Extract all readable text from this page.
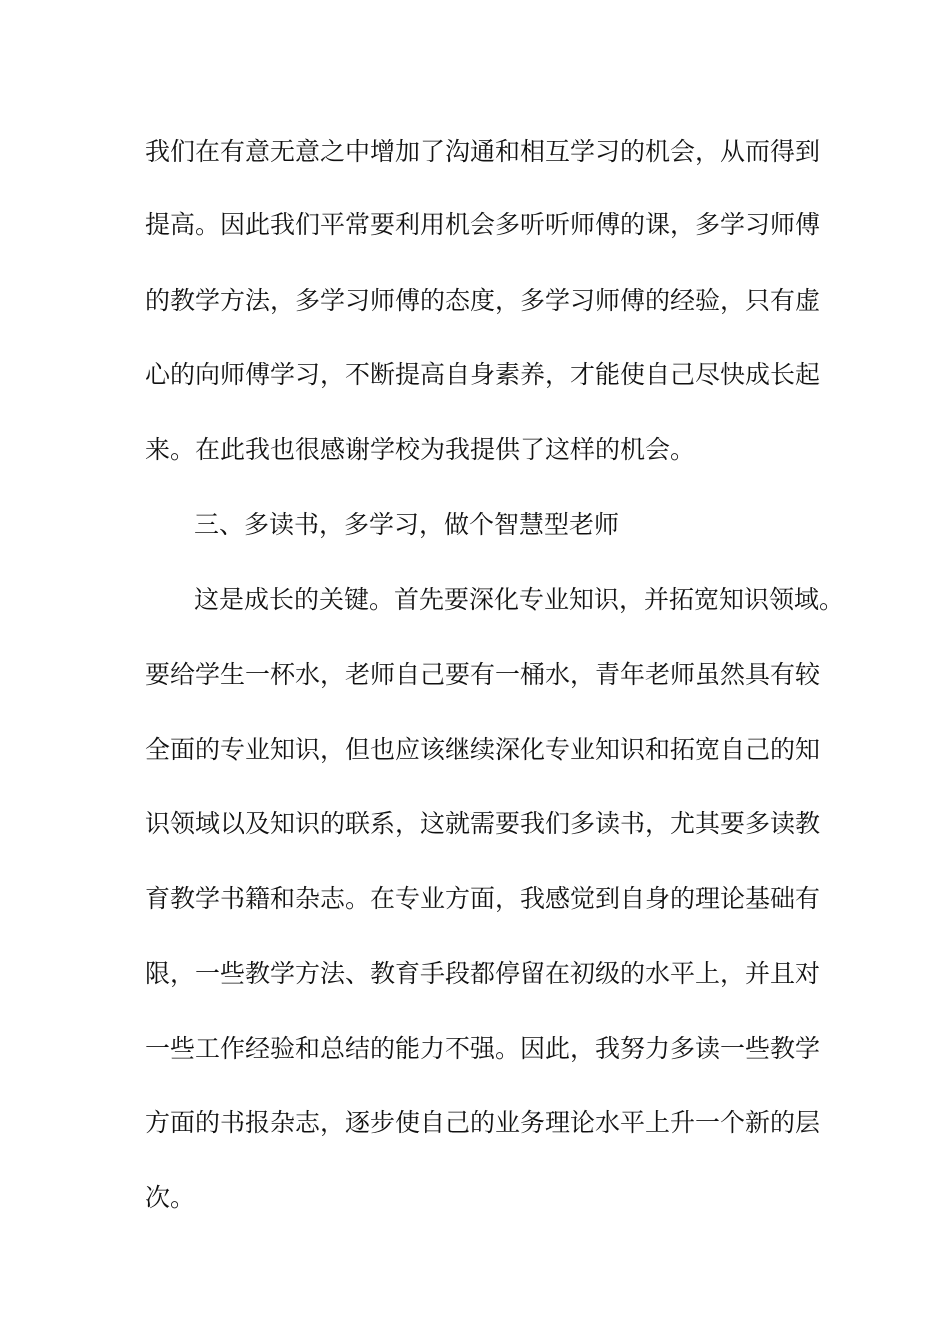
我们在有意无意之中增加了沟通和相互学习的机会，从而得到
提高。因此我们平常要利用机会多听听师傅的课，多学习师傅
的教学方法，多学习师傅的态度，多学习师傅的经验，只有虚
心的向师傅学习，不断提高自身素养，才能使自己尽快成长起
来。在此我也很感谢学校为我提供了这样的机会。
三、多读书，多学习，做个智慧型老师
这是成长的关键。首先要深化专业知识，并拓宽知识领域。
要给学生一杯水，老师自己要有一桶水，青年老师虽然具有较
全面的专业知识，但也应该继续深化专业知识和拓宽自己的知
识领域以及知识的联系，这就需要我们多读书，尤其要多读教
育教学书籍和杂志。在专业方面，我感觉到自身的理论基础有
限，一些教学方法、教育手段都停留在初级的水平上，并且对
一些工作经验和总结的能力不强。因此，我努力多读一些教学
方面的书报杂志，逐步使自己的业务理论水平上升一个新的层
次。
